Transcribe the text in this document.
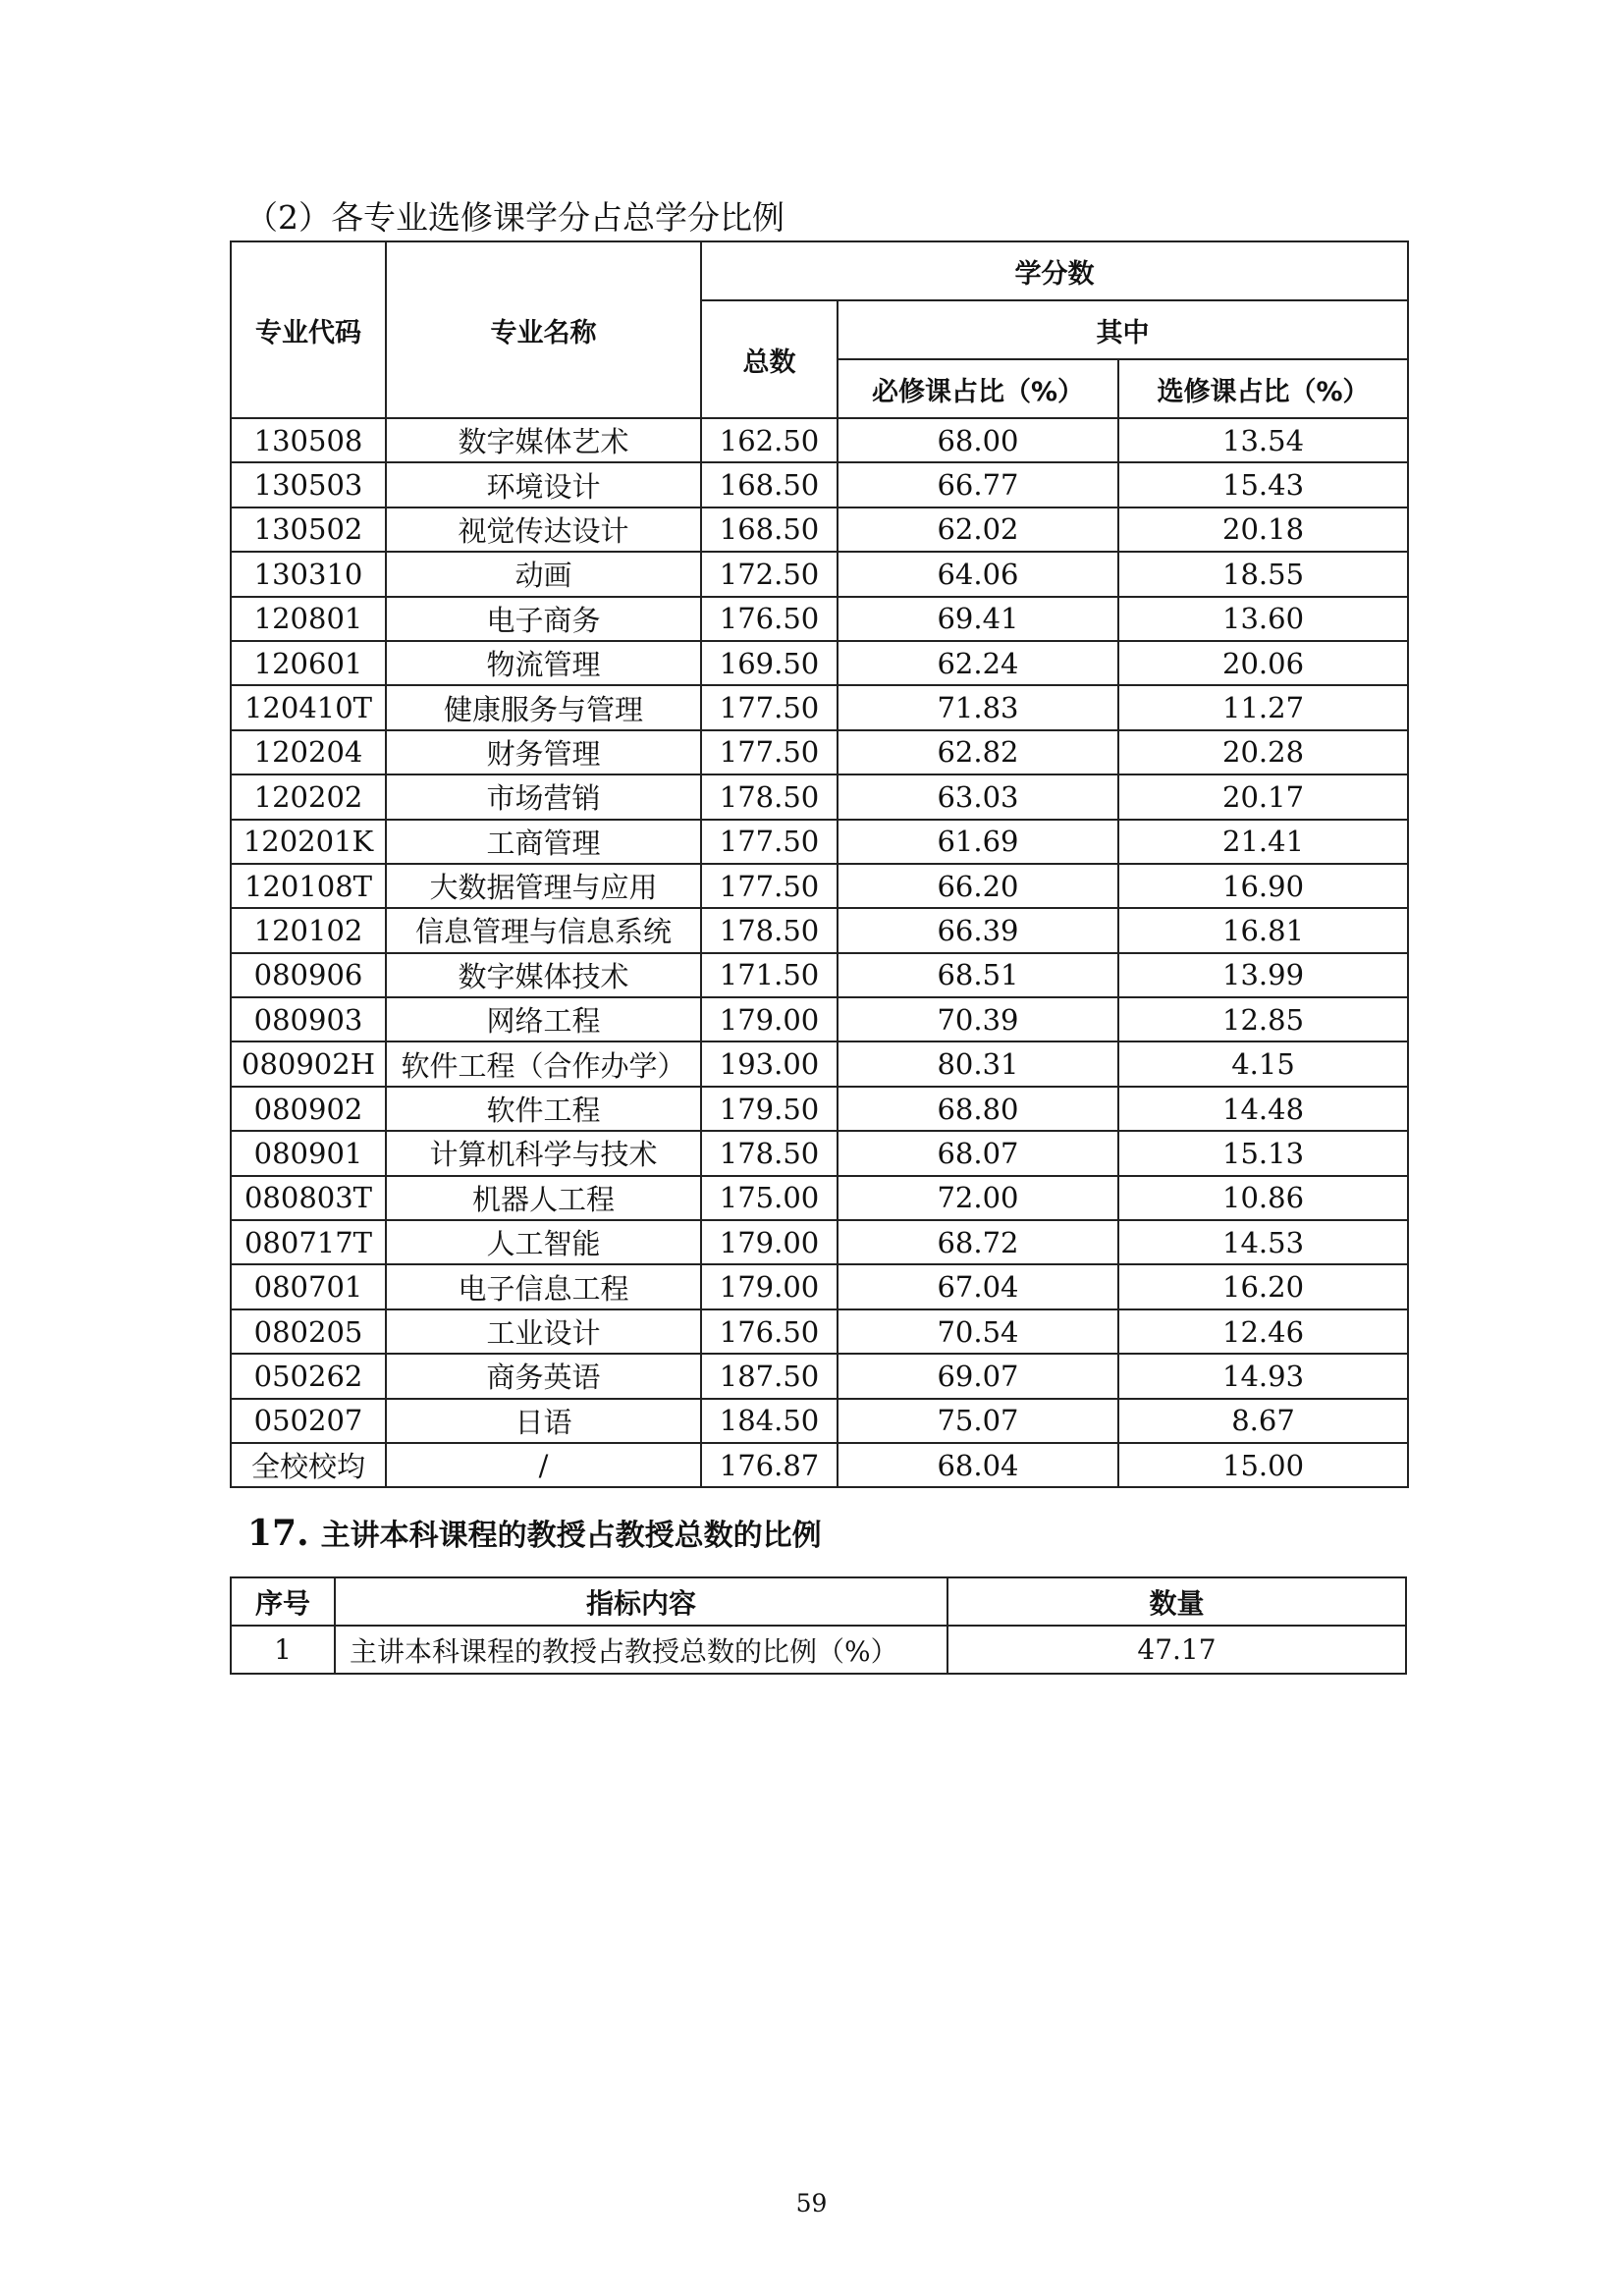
（2）各专业选修课学分占总学分比例
专业代码	专业名称	学分数		
		总数	其中	
			必修课占比（%）	选修课占比（%）
130508	数字媒体艺术	162.50	68.00	13.54
130503	环境设计	168.50	66.77	15.43
130502	视觉传达设计	168.50	62.02	20.18
130310	动画	172.50	64.06	18.55
120801	电子商务	176.50	69.41	13.60
120601	物流管理	169.50	62.24	20.06
120410T	健康服务与管理	177.50	71.83	11.27
120204	财务管理	177.50	62.82	20.28
120202	市场营销	178.50	63.03	20.17
120201K	工商管理	177.50	61.69	21.41
120108T	大数据管理与应用	177.50	66.20	16.90
120102	信息管理与信息系统	178.50	66.39	16.81
080906	数字媒体技术	171.50	68.51	13.99
080903	网络工程	179.00	70.39	12.85
080902H	软件工程（合作办学）	193.00	80.31	4.15
080902	软件工程	179.50	68.80	14.48
080901	计算机科学与技术	178.50	68.07	15.13
080803T	机器人工程	175.00	72.00	10.86
080717T	人工智能	179.00	68.72	14.53
080701	电子信息工程	179.00	67.04	16.20
080205	工业设计	176.50	70.54	12.46
050262	商务英语	187.50	69.07	14.93
050207	日语	184.50	75.07	8.67
全校校均	/	176.87	68.04	15.00
17. 主讲本科课程的教授占教授总数的比例
序号	指标内容	数量
1	主讲本科课程的教授占教授总数的比例（%）	47.17
59
